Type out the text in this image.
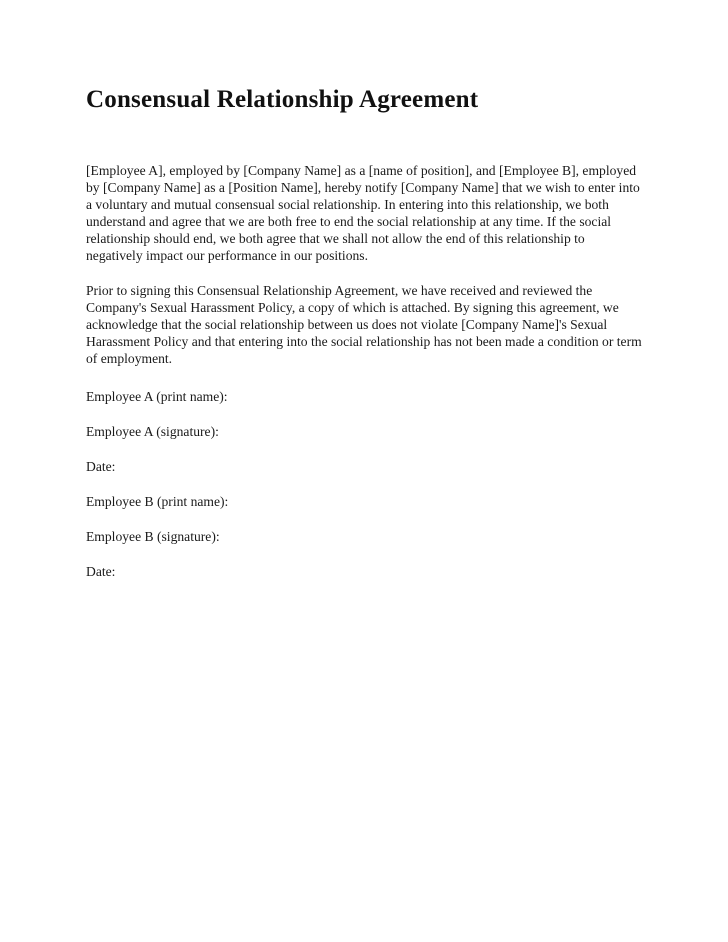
Consensual Relationship Agreement

[Employee A], employed by [Company Name] as a [name of position], and [Employee B], employed by [Company Name] as a [Position Name], hereby notify [Company Name] that we wish to enter into a voluntary and mutual consensual social relationship. In entering into this relationship, we both understand and agree that we are both free to end the social relationship at any time. If the social relationship should end, we both agree that we shall not allow the end of this relationship to negatively impact our performance in our positions.

Prior to signing this Consensual Relationship Agreement, we have received and reviewed the Company's Sexual Harassment Policy, a copy of which is attached. By signing this agreement, we acknowledge that the social relationship between us does not violate [Company Name]'s Sexual Harassment Policy and that entering into the social relationship has not been made a condition or term of employment.

Employee A (print name):

Employee A (signature):

Date:

Employee B (print name):

Employee B (signature):

Date:
